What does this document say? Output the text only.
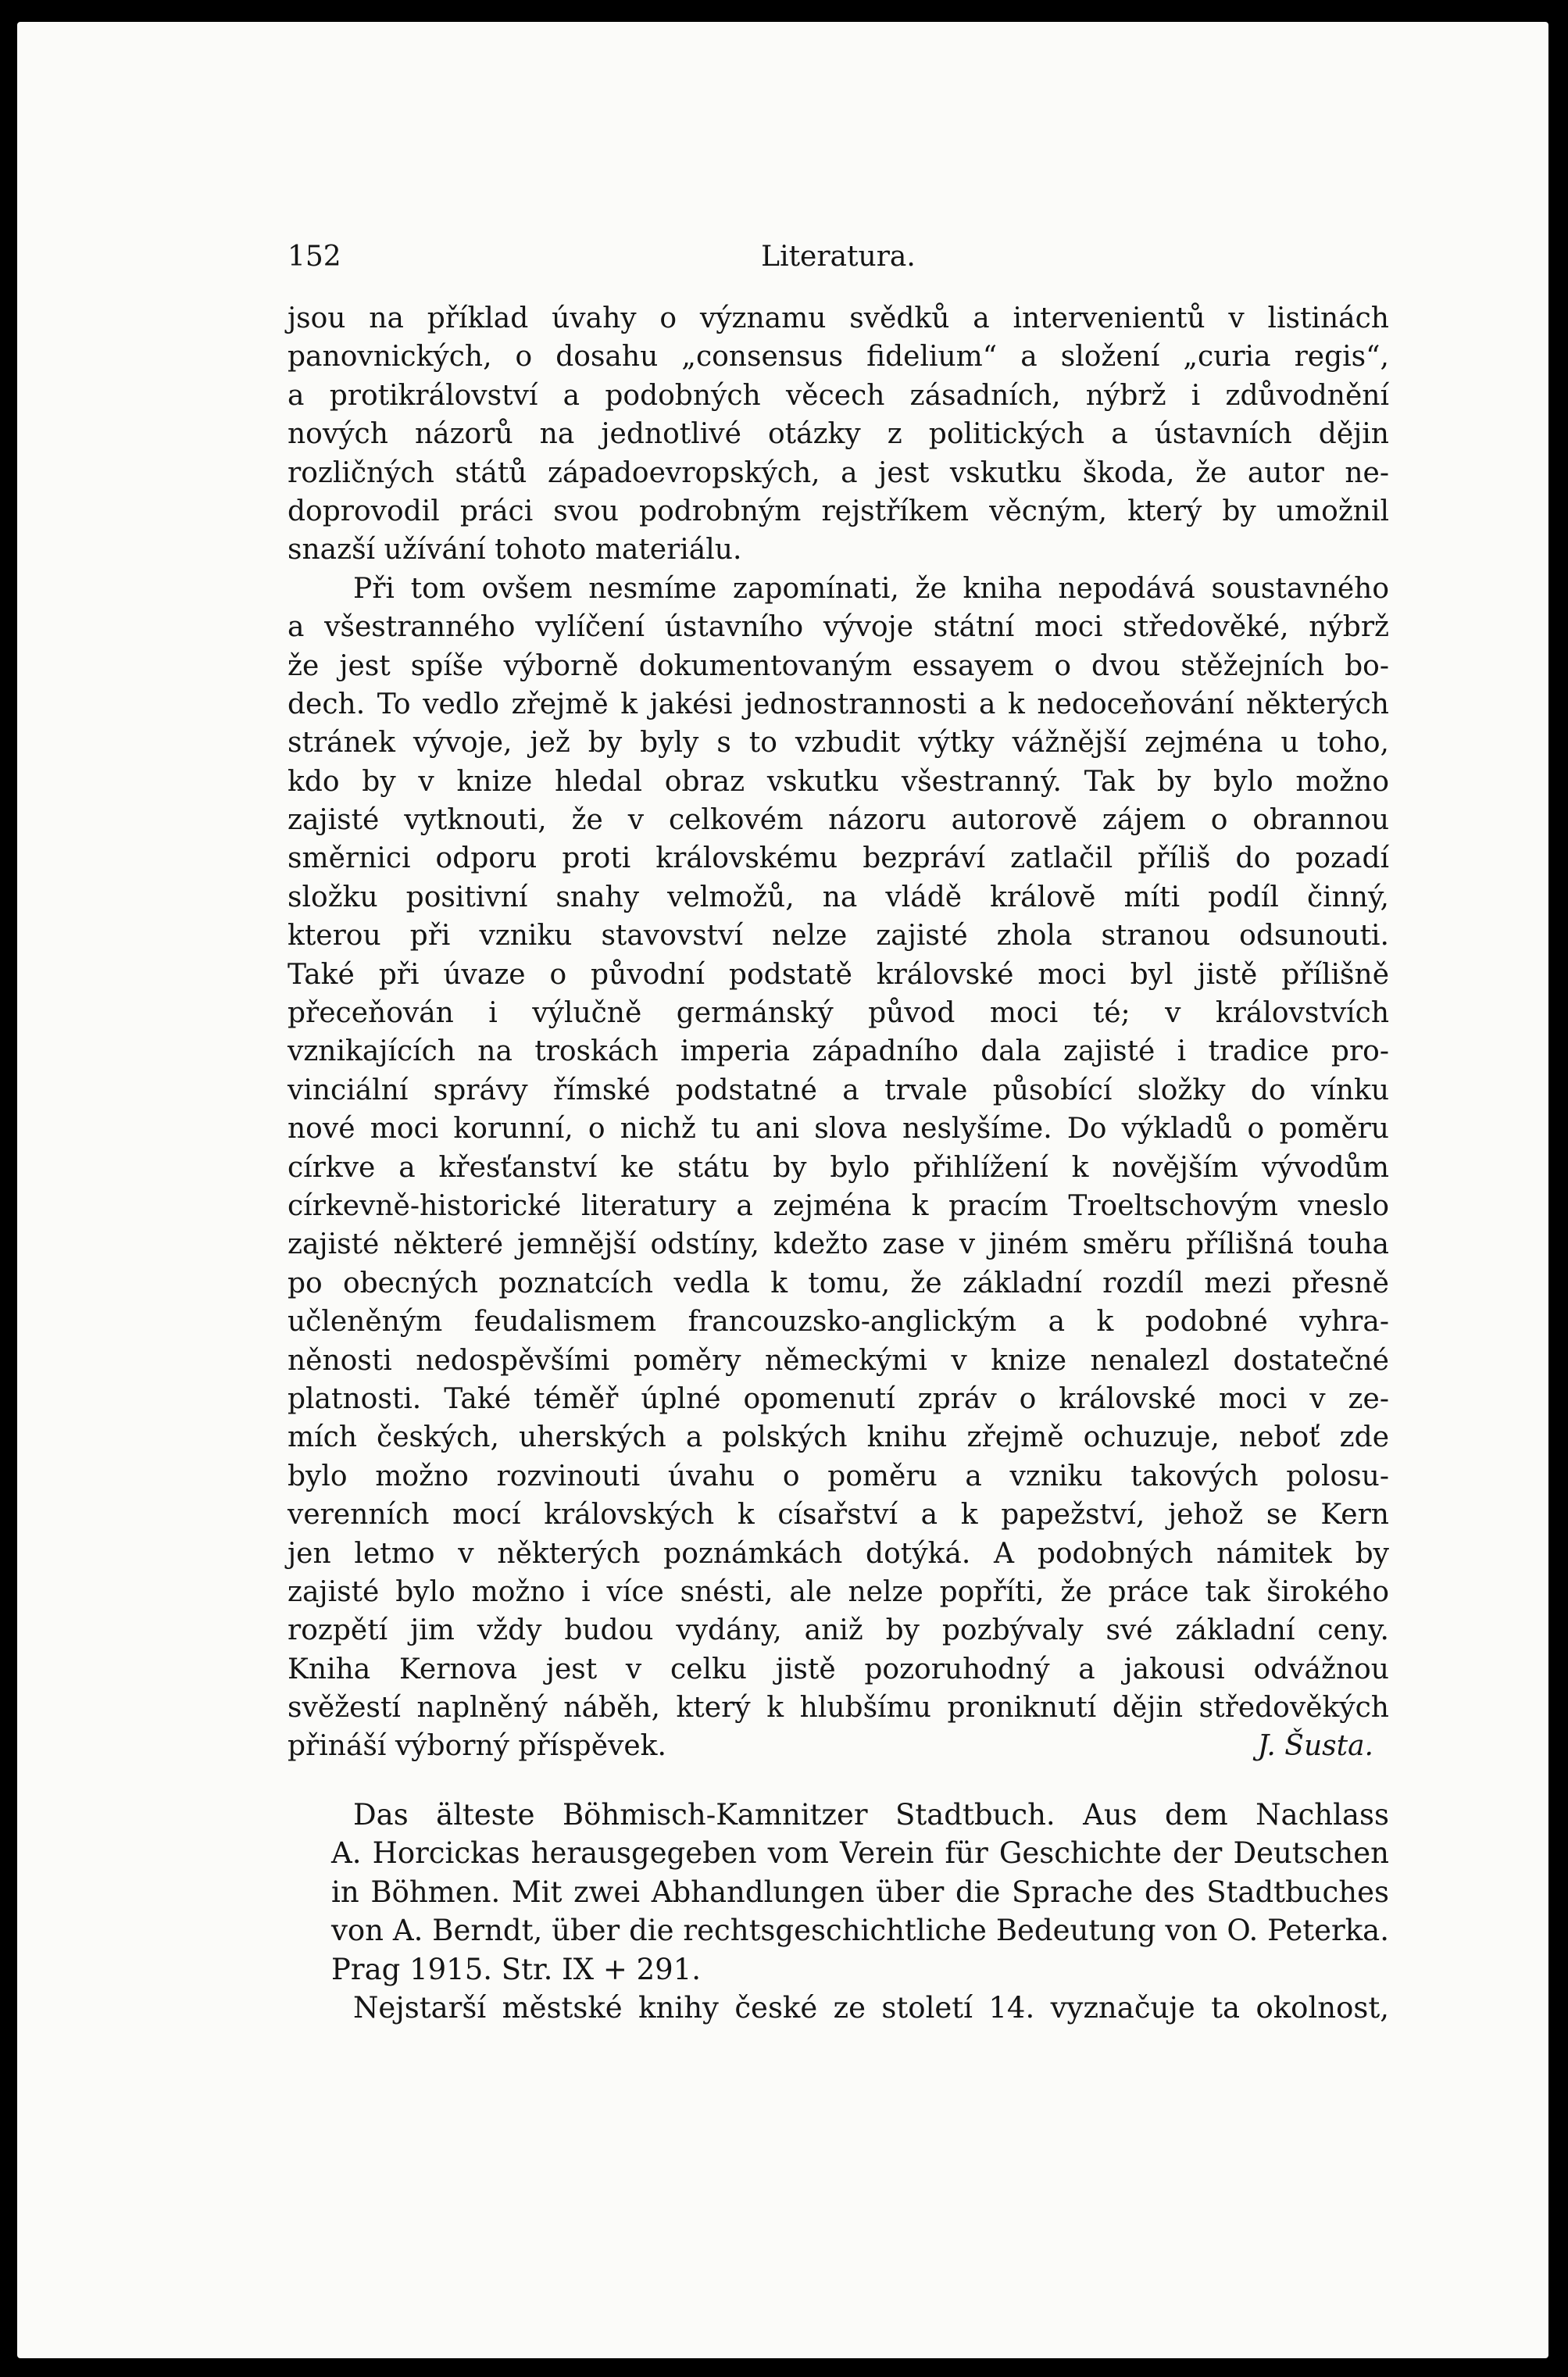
152	Literatura.
jsou na příklad úvahy o významu svědků a intervenientů v listinách
panovnických, o dosahu „consensus fidelium“ a složení „curia regis“,
a protikrálovství a podobných věcech zásadních, nýbrž i zdůvodnění
nových názorů na jednotlivé otázky z politických a ústavních dějin
rozličných států západoevropských, a jest vskutku škoda, že autor ne-
doprovodil práci svou podrobným rejstříkem věcným, který by umožnil
snazší užívání tohoto materiálu.
Při tom ovšem nesmíme zapomínati, že kniha nepodává soustavného
a všestranného vylíčení ústavního vývoje státní moci středověké, nýbrž
že jest spíše výborně dokumentovaným essayem o dvou stěžejních bo-
dech. To vedlo zřejmě k jakési jednostrannosti a k nedoceňování některých
stránek vývoje, jež by byly s to vzbudit výtky vážnější zejména u toho,
kdo by v knize hledal obraz vskutku všestranný. Tak by bylo možno
zajisté vytknouti, že v celkovém názoru autorově zájem o obrannou
směrnici odporu proti královskému bezpráví zatlačil příliš do pozadí
složku positivní snahy velmožů, na vládě královĕ míti podíl činný,
kterou při vzniku stavovství nelze zajisté zhola stranou odsunouti.
Také při úvaze o původní podstatě královské moci byl jistě přílišně
přeceňován i výlučně germánský původ moci té; v královstvích
vznikajících na troskách imperia západního dala zajisté i tradice pro-
vinciální správy římské podstatné a trvale působící složky do vínku
nové moci korunní, o nichž tu ani slova neslyšíme. Do výkladů o poměru
církve a křesťanství ke státu by bylo přihlížení k novějším vývodům
církevně-historické literatury a zejména k pracím Troeltschovým vneslo
zajisté některé jemnější odstíny, kdežto zase v jiném směru příliš̌ná touha
po obecných poznatcích vedla k tomu, že základní rozdíl mezi přesně
učleněným feudalismem francouzsko-anglickým a k podobné vyhra-
něnosti nedospěvšími poměry německými v knize nenalezl dostatečné
platnosti. Také téměř úplné opomenutí zpráv o královské moci v ze-
mích českých, uherských a polských knihu zřejmě ochuzuje, neboť zde
bylo možno rozvinouti úvahu o poměru a vzniku takových polosu-
verenních mocí královských k císařství a k papežství, jehož se Kern
jen letmo v některých poznámkách dotýká. A podobných námitek by
zajisté bylo možno i více snésti, ale nelze popříti, že práce tak širokého
rozpětí jim vždy budou vydány, aniž by pozbývaly své základní ceny.
Kniha Kernova jest v celku jistě pozoruhodný a jakousi odvážnou
svěžestí naplněný náběh, který k hlubšímu proniknutí dějin středověkých
přináší výborný příspěvek.	J. Šusta.
Das älteste Böhmisch-Kamnitzer Stadtbuch. Aus dem Nachlass
A. Horcickas herausgegeben vom Verein für Geschichte der Deutschen
in Böhmen. Mit zwei Abhandlungen über die Sprache des Stadtbuches
von A. Berndt, über die rechtsgeschichtliche Bedeutung von O. Peterka.
Prag 1915. Str. IX + 291.
Nejstarší městské knihy české ze století 14. vyznačuje ta okolnost,
